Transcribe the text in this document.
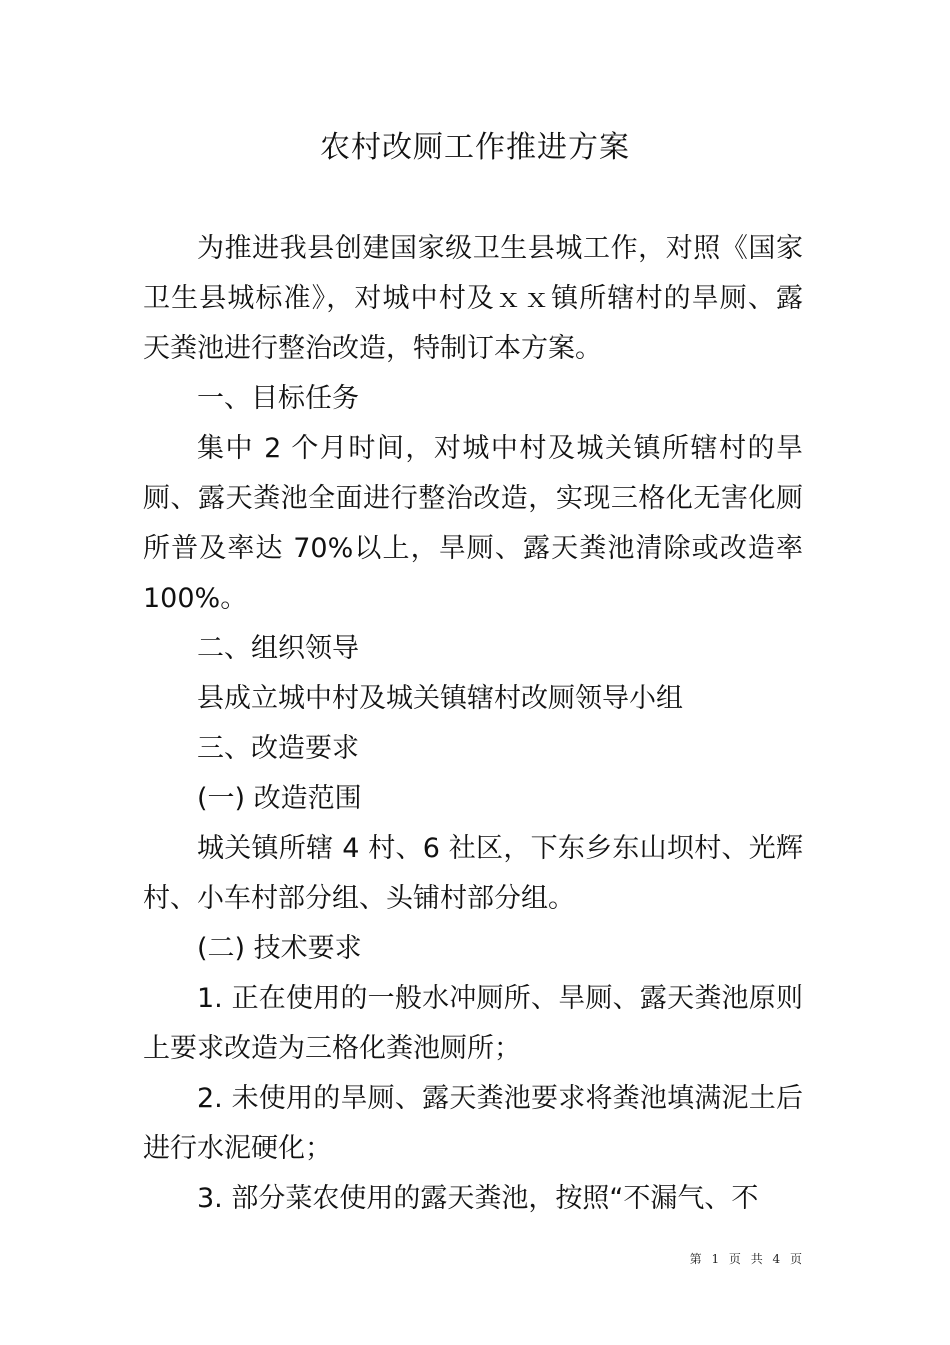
农村改厕工作推进方案

为推进我县创建国家级卫生县城工作，对照《国家卫生县城标准》，对城中村及ｘｘ镇所辖村的旱厕、露天粪池进行整治改造，特制订本方案。

一、目标任务

集中 2 个月时间，对城中村及城关镇所辖村的旱厕、露天粪池全面进行整治改造，实现三格化无害化厕所普及率达 70%以上，旱厕、露天粪池清除或改造率 100%。

二、组织领导

县成立城中村及城关镇辖村改厕领导小组

三、改造要求

(一) 改造范围

城关镇所辖 4 村、6 社区，下东乡东山坝村、光辉村、小车村部分组、头铺村部分组。

(二) 技术要求

1. 正在使用的一般水冲厕所、旱厕、露天粪池原则上要求改造为三格化粪池厕所；

2. 未使用的旱厕、露天粪池要求将粪池填满泥土后进行水泥硬化；

3. 部分菜农使用的露天粪池，按照“不漏气、不

第 1 页 共 4 页
